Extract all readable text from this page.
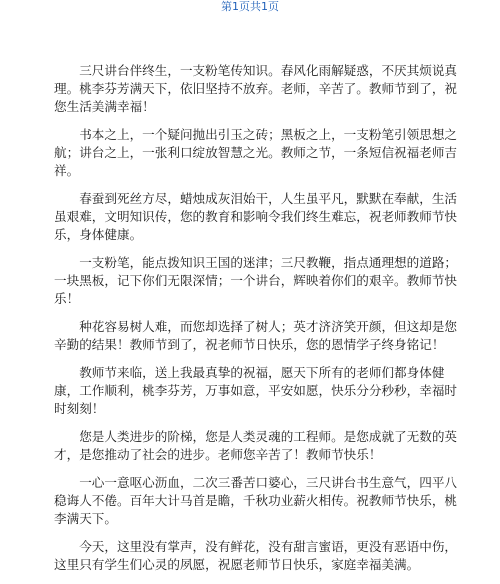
第1页共1页

三尺讲台伴终生，一支粉笔传知识。春风化雨解疑惑，不厌其烦说真理。桃李芬芳满天下，依旧坚持不放弃。老师，辛苦了。教师节到了，祝您生活美满幸福！

书本之上，一个疑问抛出引玉之砖；黑板之上，一支粉笔引领思想之航；讲台之上，一张利口绽放智慧之光。教师之节，一条短信祝福老师吉祥。

春蚕到死丝方尽，蜡烛成灰泪始干，人生虽平凡，默默在奉献，生活虽艰难，文明知识传，您的教育和影响令我们终生难忘，祝老师教师节快乐，身体健康。

一支粉笔，能点拨知识王国的迷津；三尺教鞭，指点通理想的道路；一块黑板，记下你们无限深情；一个讲台，辉映着你们的艰辛。教师节快乐！

种花容易树人难，而您却选择了树人；英才济济笑开颜，但这却是您辛勤的结果！教师节到了，祝老师节日快乐，您的恩情学子终身铭记！

教师节来临，送上我最真挚的祝福，愿天下所有的老师们都身体健康，工作顺利，桃李芬芳，万事如意，平安如愿，快乐分分秒秒，幸福时时刻刻！

您是人类进步的阶梯，您是人类灵魂的工程师。是您成就了无数的英才，是您推动了社会的进步。老师您辛苦了！教师节快乐！

一心一意呕心沥血，二次三番苦口婆心，三尺讲台书生意气，四平八稳诲人不倦。百年大计马首是瞻，千秋功业薪火相传。祝教师节快乐，桃李满天下。

今天，这里没有掌声，没有鲜花，没有甜言蜜语，更没有恶语中伤，这里只有学生们心灵的夙愿，祝愿老师节日快乐，家庭幸福美满。
